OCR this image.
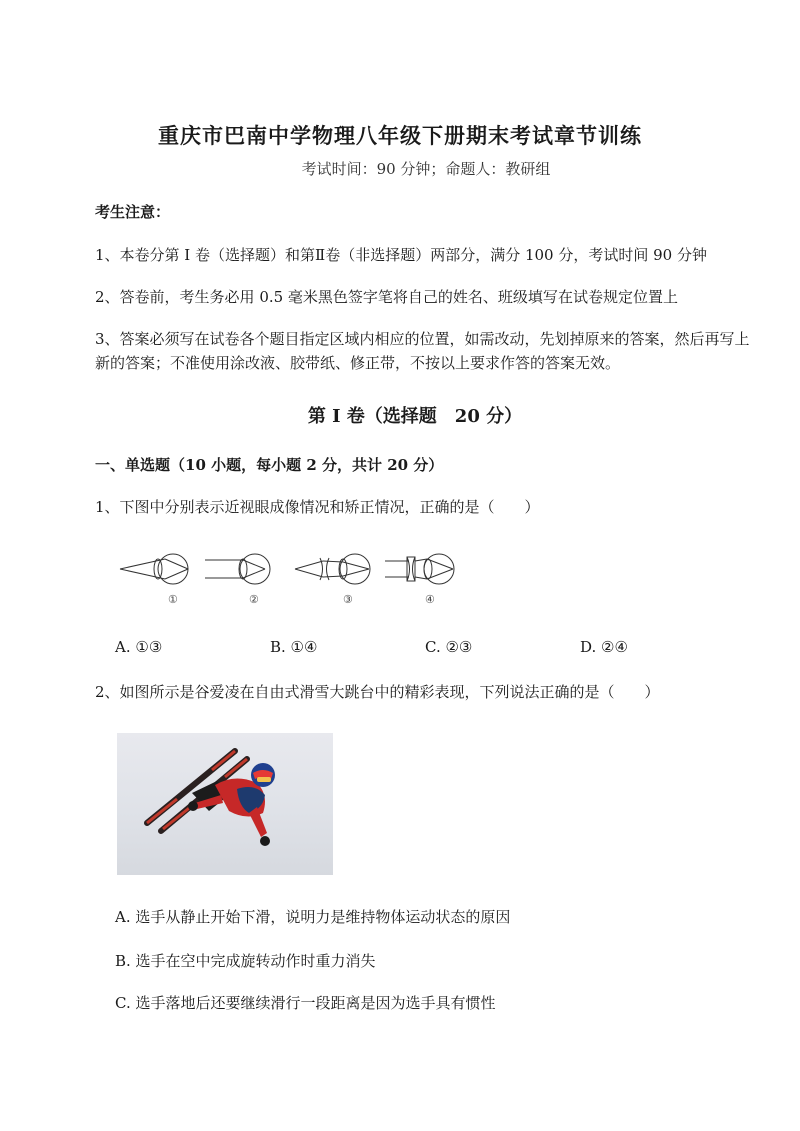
重庆市巴南中学物理八年级下册期末考试章节训练
考试时间：90 分钟；命题人：教研组
考生注意：
1、本卷分第 I 卷（选择题）和第Ⅱ卷（非选择题）两部分，满分 100 分，考试时间 90 分钟
2、答卷前，考生务必用 0.5 毫米黑色签字笔将自己的姓名、班级填写在试卷规定位置上
3、答案必须写在试卷各个题目指定区域内相应的位置，如需改动，先划掉原来的答案，然后再写上新的答案；不准使用涂改液、胶带纸、修正带，不按以上要求作答的答案无效。
第 I 卷（选择题　20 分）
一、单选题（10 小题，每小题 2 分，共计 20 分）
1、下图中分别表示近视眼成像情况和矫正情况，正确的是（　　）
①	②	③	④
A. ①③	B. ①④	C. ②③	D. ②④
2、如图所示是谷爱凌在自由式滑雪大跳台中的精彩表现，下列说法正确的是（　　）
A. 选手从静止开始下滑，说明力是维持物体运动状态的原因
B. 选手在空中完成旋转动作时重力消失
C. 选手落地后还要继续滑行一段距离是因为选手具有惯性
